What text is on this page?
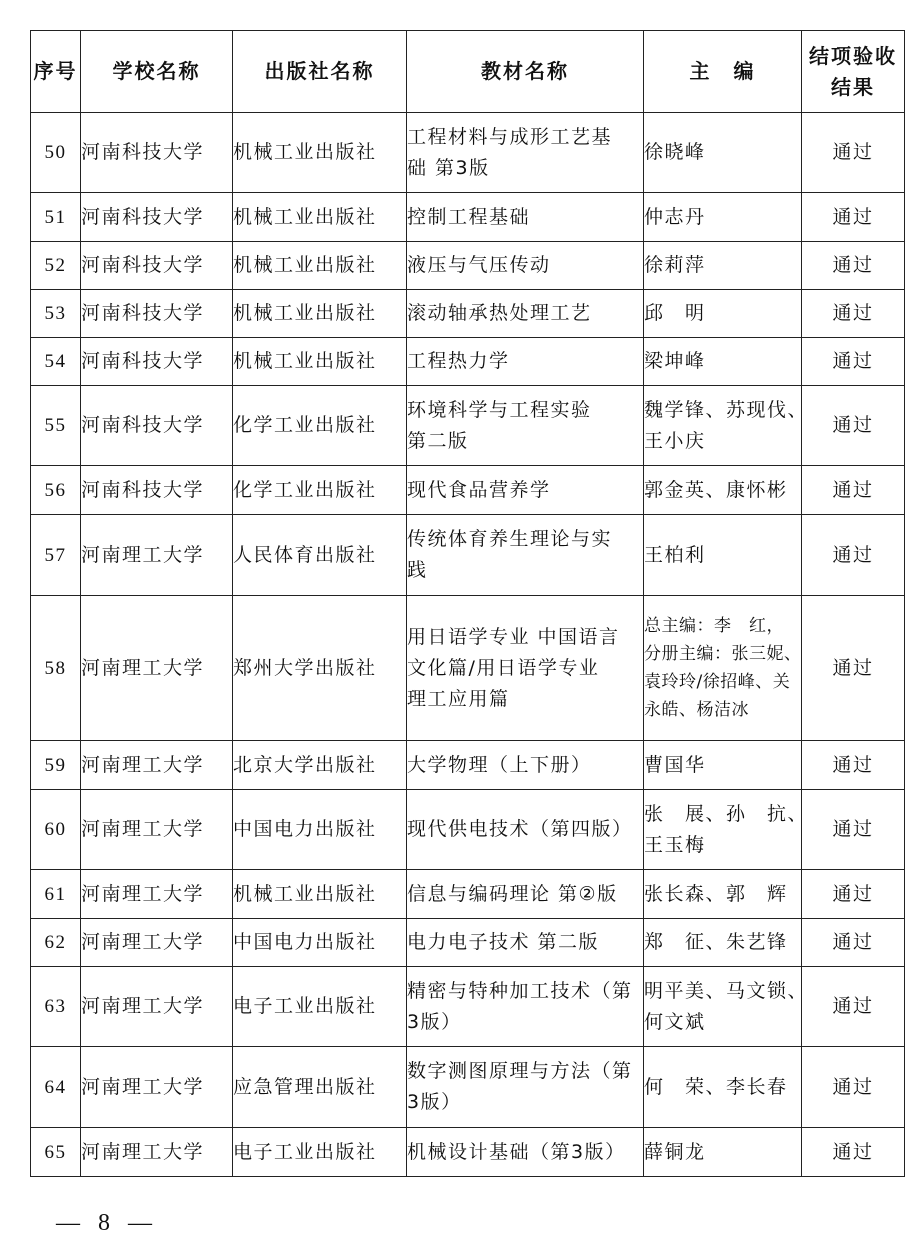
序号	学校名称	出版社名称	教材名称	主　编	结项验收
结果
50	河南科技大学	机械工业出版社	工程材料与成形工艺基
础 第3版	徐晓峰	通过
51	河南科技大学	机械工业出版社	控制工程基础	仲志丹	通过
52	河南科技大学	机械工业出版社	液压与气压传动	徐莉萍	通过
53	河南科技大学	机械工业出版社	滚动轴承热处理工艺	邱　明	通过
54	河南科技大学	机械工业出版社	工程热力学	梁坤峰	通过
55	河南科技大学	化学工业出版社	环境科学与工程实验
第二版	魏学锋、苏现伐、
王小庆	通过
56	河南科技大学	化学工业出版社	现代食品营养学	郭金英、康怀彬	通过
57	河南理工大学	人民体育出版社	传统体育养生理论与实
践	王柏利	通过
58	河南理工大学	郑州大学出版社	用日语学专业 中国语言
文化篇/用日语学专业
理工应用篇	总主编：李　红，
分册主编：张三妮、
袁玲玲/徐招峰、关
永皓、杨洁冰	通过
59	河南理工大学	北京大学出版社	大学物理（上下册）	曹国华	通过
60	河南理工大学	中国电力出版社	现代供电技术（第四版）	张　展、孙　抗、
王玉梅	通过
61	河南理工大学	机械工业出版社	信息与编码理论 第②版	张长森、郭　辉	通过
62	河南理工大学	中国电力出版社	电力电子技术 第二版	郑　征、朱艺锋	通过
63	河南理工大学	电子工业出版社	精密与特种加工技术（第
3版）	明平美、马文锁、
何文斌	通过
64	河南理工大学	应急管理出版社	数字测图原理与方法（第
3版）	何　荣、李长春	通过
65	河南理工大学	电子工业出版社	机械设计基础（第3版）	薛铜龙	通过
— 8 —
